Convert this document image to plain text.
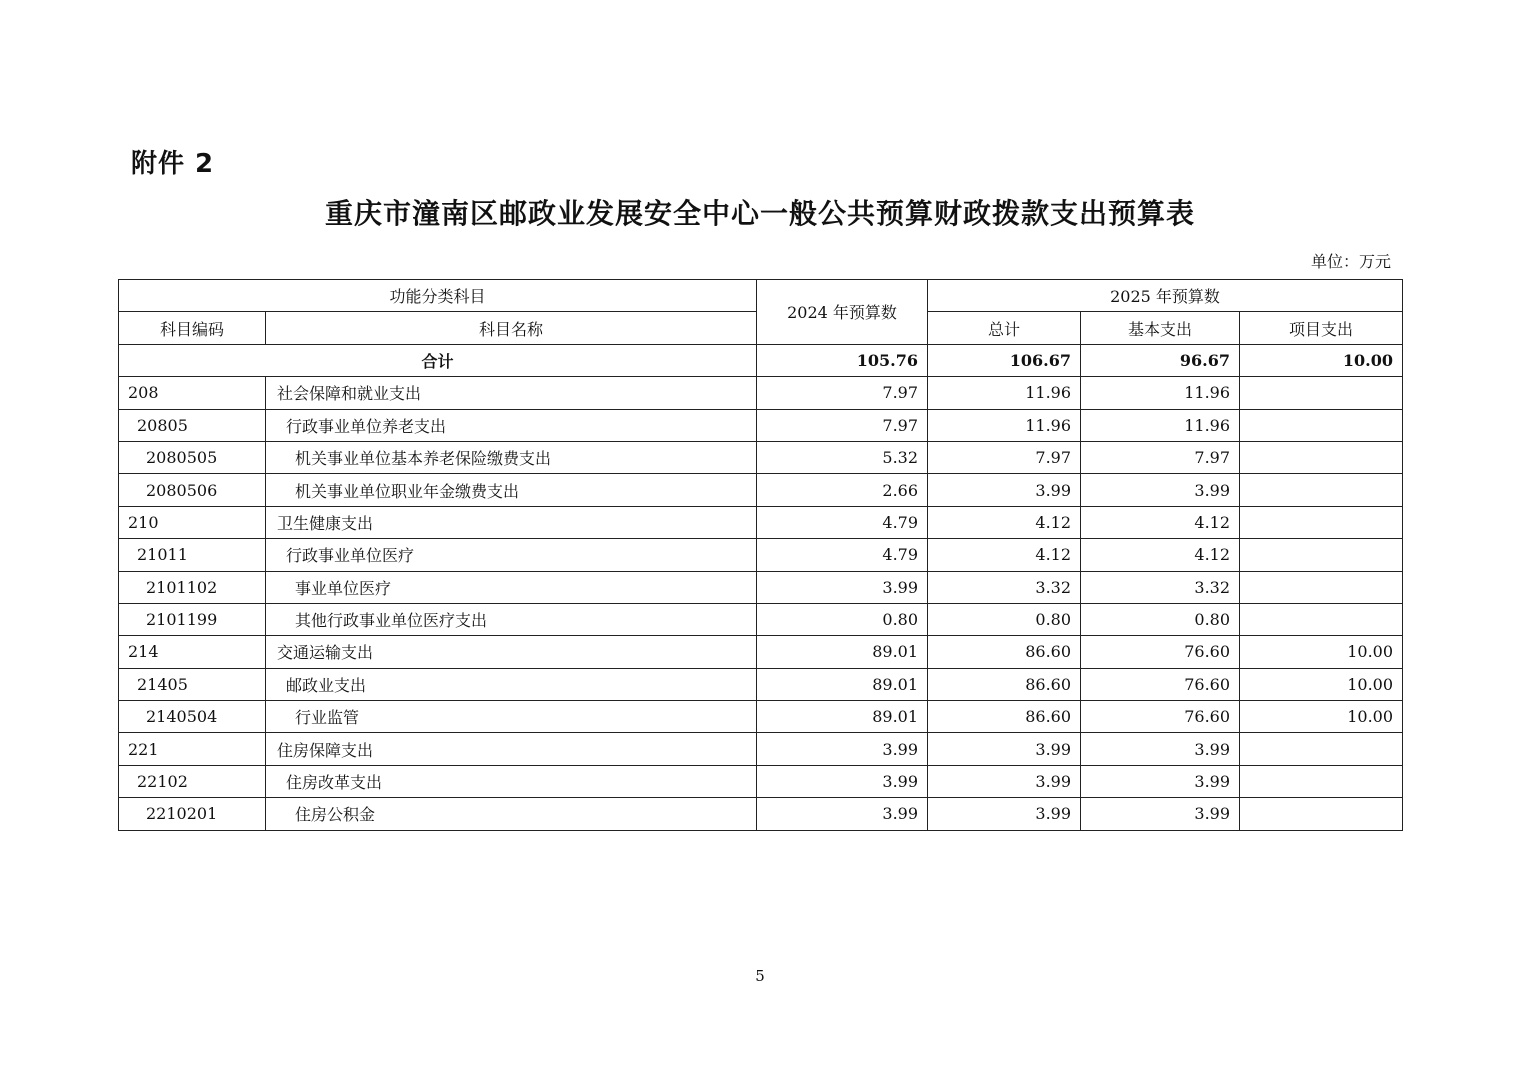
附件 2
重庆市潼南区邮政业发展安全中心一般公共预算财政拨款支出预算表
单位：万元
功能分类科目		2024 年预算数	2025 年预算数		
科目编码	科目名称		总计	基本支出	项目支出
合计		105.76	106.67	96.67	10.00
208	社会保障和就业支出	7.97	11.96	11.96	
20805	行政事业单位养老支出	7.97	11.96	11.96	
2080505	机关事业单位基本养老保险缴费支出	5.32	7.97	7.97	
2080506	机关事业单位职业年金缴费支出	2.66	3.99	3.99	
210	卫生健康支出	4.79	4.12	4.12	
21011	行政事业单位医疗	4.79	4.12	4.12	
2101102	事业单位医疗	3.99	3.32	3.32	
2101199	其他行政事业单位医疗支出	0.80	0.80	0.80	
214	交通运输支出	89.01	86.60	76.60	10.00
21405	邮政业支出	89.01	86.60	76.60	10.00
2140504	行业监管	89.01	86.60	76.60	10.00
221	住房保障支出	3.99	3.99	3.99	
22102	住房改革支出	3.99	3.99	3.99	
2210201	住房公积金	3.99	3.99	3.99	
5
